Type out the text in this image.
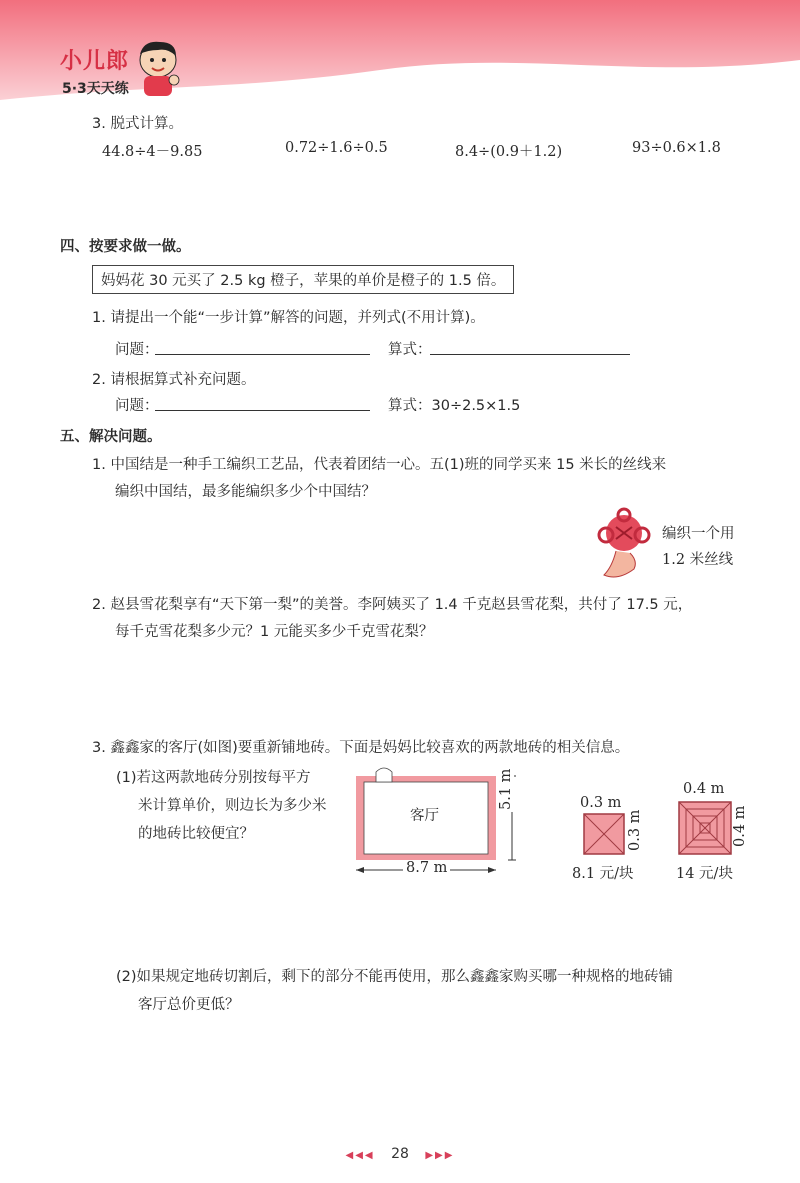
小儿郎
5·3天天练
3. 脱式计算。
44.8÷4－9.85	0.72÷1.6÷0.5	8.4÷(0.9＋1.2)	93÷0.6×1.8
四、按要求做一做。
妈妈花 30 元买了 2.5 kg 橙子，苹果的单价是橙子的 1.5 倍。
1. 请提出一个能“一步计算”解答的问题，并列式(不用计算)。
问题：	算式：
2. 请根据算式补充问题。
问题：	算式：30÷2.5×1.5
五、解决问题。
1. 中国结是一种手工编织工艺品，代表着团结一心。五(1)班的同学买来 15 米长的丝线来
编织中国结，最多能编织多少个中国结？
编织一个用
1.2 米丝线
2. 赵县雪花梨享有“天下第一梨”的美誉。李阿姨买了 1.4 千克赵县雪花梨，共付了 17.5 元，
每千克雪花梨多少元？1 元能买多少千克雪花梨？
3. 鑫鑫家的客厅(如图)要重新铺地砖。下面是妈妈比较喜欢的两款地砖的相关信息。
(1)若这两款地砖分别按每平方
米计算单价，则边长为多少米
的地砖比较便宜？
客厅
5.1 m
8.7 m
0.3 m
0.3 m
8.1 元/块
0.4 m
0.4 m
14 元/块
(2)如果规定地砖切割后，剩下的部分不能再使用，那么鑫鑫家购买哪一种规格的地砖铺
客厅总价更低？
◀◀◀ 28 ▶▶▶
